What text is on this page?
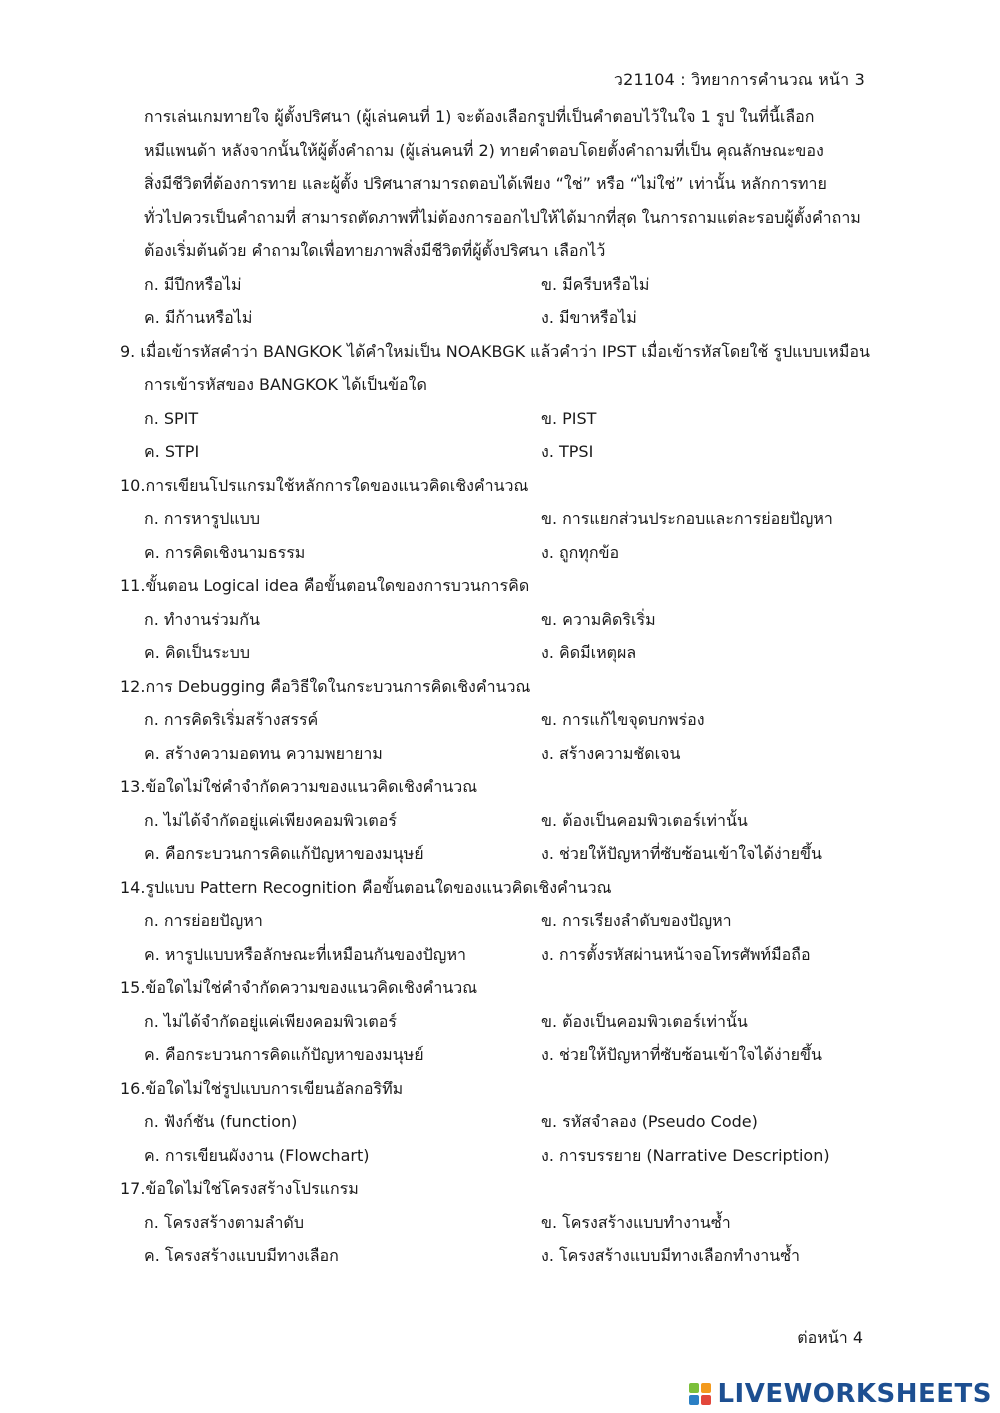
ว21104 : วิทยาการคำนวณ หน้า 3
การเล่นเกมทายใจ ผู้ตั้งปริศนา (ผู้เล่นคนที่ 1) จะต้องเลือกรูปที่เป็นคำตอบไว้ในใจ 1 รูป ในที่นี้เลือก
หมีแพนด้า หลังจากนั้นให้ผู้ตั้งคำถาม (ผู้เล่นคนที่ 2) ทายคำตอบโดยตั้งคำถามที่เป็น คุณลักษณะของ
สิ่งมีชีวิตที่ต้องการทาย และผู้ตั้ง ปริศนาสามารถตอบได้เพียง “ใช่” หรือ “ไม่ใช่” เท่านั้น หลักการทาย
ทั่วไปควรเป็นคำถามที่ สามารถตัดภาพที่ไม่ต้องการออกไปให้ได้มากที่สุด ในการถามแต่ละรอบผู้ตั้งคำถาม
ต้องเริ่มต้นด้วย คำถามใดเพื่อทายภาพสิ่งมีชีวิตที่ผู้ตั้งปริศนา เลือกไว้
ก. มีปีกหรือไม่	ข. มีครีบหรือไม่
ค. มีก้านหรือไม่	ง. มีขาหรือไม่
9. เมื่อเข้ารหัสคำว่า BANGKOK ได้คำใหม่เป็น NOAKBGK แล้วคำว่า IPST เมื่อเข้ารหัสโดยใช้ รูปแบบเหมือน
การเข้ารหัสของ BANGKOK ได้เป็นข้อใด
ก. SPIT	ข. PIST
ค. STPI	ง. TPSI
10.การเขียนโปรแกรมใช้หลักการใดของแนวคิดเชิงคำนวณ
ก. การหารูปแบบ	ข. การแยกส่วนประกอบและการย่อยปัญหา
ค. การคิดเชิงนามธรรม	ง. ถูกทุกข้อ
11.ขั้นตอน Logical idea คือขั้นตอนใดของการบวนการคิด
ก. ทำงานร่วมกัน	ข. ความคิดริเริ่ม
ค. คิดเป็นระบบ	ง. คิดมีเหตุผล
12.การ Debugging คือวิธีใดในกระบวนการคิดเชิงคำนวณ
ก. การคิดริเริ่มสร้างสรรค์	ข. การแก้ไขจุดบกพร่อง
ค. สร้างความอดทน ความพยายาม	ง. สร้างความชัดเจน
13.ข้อใดไม่ใช่คำจำกัดความของแนวคิดเชิงคำนวณ
ก. ไม่ได้จำกัดอยู่แค่เพียงคอมพิวเตอร์	ข. ต้องเป็นคอมพิวเตอร์เท่านั้น
ค. คือกระบวนการคิดแก้ปัญหาของมนุษย์	ง. ช่วยให้ปัญหาที่ซับซ้อนเข้าใจได้ง่ายขึ้น
14.รูปแบบ Pattern Recognition คือขั้นตอนใดของแนวคิดเชิงคำนวณ
ก. การย่อยปัญหา	ข. การเรียงลำดับของปัญหา
ค. หารูปแบบหรือลักษณะที่เหมือนกันของปัญหา	ง. การตั้งรหัสผ่านหน้าจอโทรศัพท์มือถือ
15.ข้อใดไม่ใช่คำจำกัดความของแนวคิดเชิงคำนวณ
ก. ไม่ได้จำกัดอยู่แค่เพียงคอมพิวเตอร์	ข. ต้องเป็นคอมพิวเตอร์เท่านั้น
ค. คือกระบวนการคิดแก้ปัญหาของมนุษย์	ง. ช่วยให้ปัญหาที่ซับซ้อนเข้าใจได้ง่ายขึ้น
16.ข้อใดไม่ใช่รูปแบบการเขียนอัลกอริทึม
ก. ฟังก์ชัน (function)	ข. รหัสจำลอง (Pseudo Code)
ค. การเขียนผังงาน (Flowchart)	ง. การบรรยาย (Narrative Description)
17.ข้อใดไม่ใช่โครงสร้างโปรแกรม
ก. โครงสร้างตามลำดับ	ข. โครงสร้างแบบทำงานซ้ำ
ค. โครงสร้างแบบมีทางเลือก	ง. โครงสร้างแบบมีทางเลือกทำงานซ้ำ
ต่อหน้า 4
LIVEWORKSHEETS
